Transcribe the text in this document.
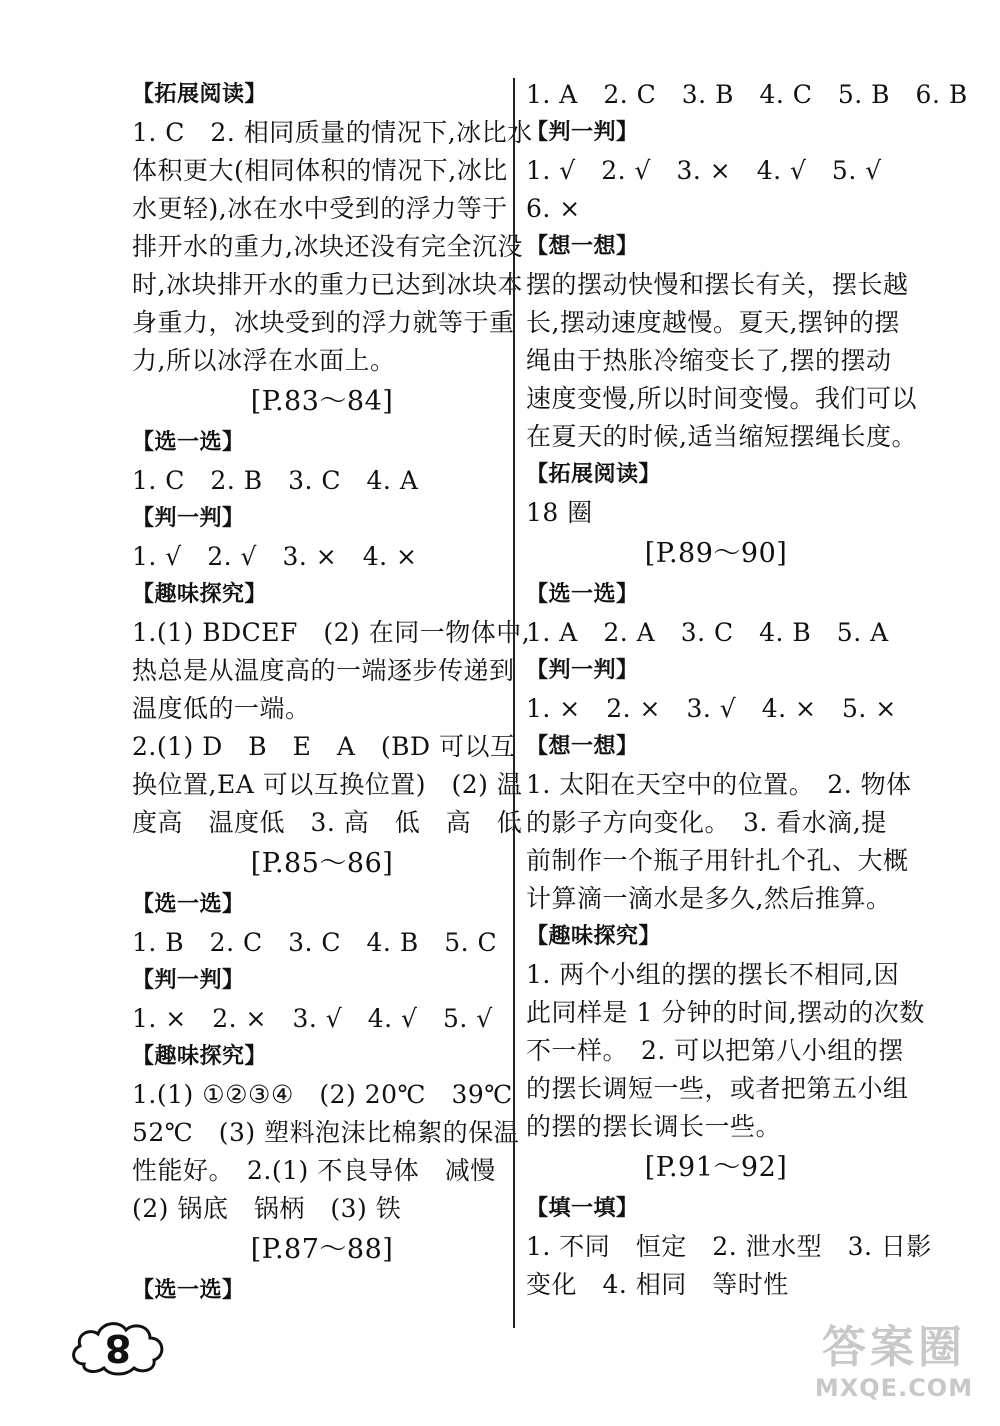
【拓展阅读】
1. C　2. 相同质量的情况下,冰比水
体积更大(相同体积的情况下,冰比
水更轻),冰在水中受到的浮力等于
排开水的重力,冰块还没有完全沉没
时,冰块排开水的重力已达到冰块本
身重力，冰块受到的浮力就等于重
力,所以冰浮在水面上。
[P.83～84]
【选一选】
1. C　2. B　3. C　4. A
【判一判】
1. √　2. √　3. ×　4. ×
【趣味探究】
1.(1) BDCEF　(2) 在同一物体中,
热总是从温度高的一端逐步传递到
温度低的一端。
2.(1) D　B　E　A　(BD 可以互
换位置,EA 可以互换位置)　(2) 温
度高　温度低　3. 高　低　高　低
[P.85～86]
【选一选】
1. B　2. C　3. C　4. B　5. C
【判一判】
1. ×　2. ×　3. √　4. √　5. √
【趣味探究】
1.(1) ①②③④　(2) 20℃　39℃
52℃　(3) 塑料泡沫比棉絮的保温
性能好。　2.(1) 不良导体　减慢
(2) 锅底　锅柄　(3) 铁
[P.87～88]
【选一选】
1. A　2. C　3. B　4. C　5. B　6. B
【判一判】
1. √　2. √　3. ×　4. √　5. √
6. ×
【想一想】
摆的摆动快慢和摆长有关，摆长越
长,摆动速度越慢。夏天,摆钟的摆
绳由于热胀冷缩变长了,摆的摆动
速度变慢,所以时间变慢。我们可以
在夏天的时候,适当缩短摆绳长度。
【拓展阅读】
18 圈
[P.89～90]
【选一选】
1. A　2. A　3. C　4. B　5. A
【判一判】
1. ×　2. ×　3. √　4. ×　5. ×
【想一想】
1. 太阳在天空中的位置。　2. 物体
的影子方向变化。　3. 看水滴,提
前制作一个瓶子用针扎个孔、大概
计算滴一滴水是多久,然后推算。
【趣味探究】
1. 两个小组的摆的摆长不相同,因
此同样是 1 分钟的时间,摆动的次数
不一样。　2. 可以把第八小组的摆
的摆长调短一些，或者把第五小组
的摆的摆长调长一些。
[P.91～92]
【填一填】
1. 不同　恒定　2. 泄水型　3. 日影
变化　4. 相同　等时性
8	答案圈
MXQE.COM
